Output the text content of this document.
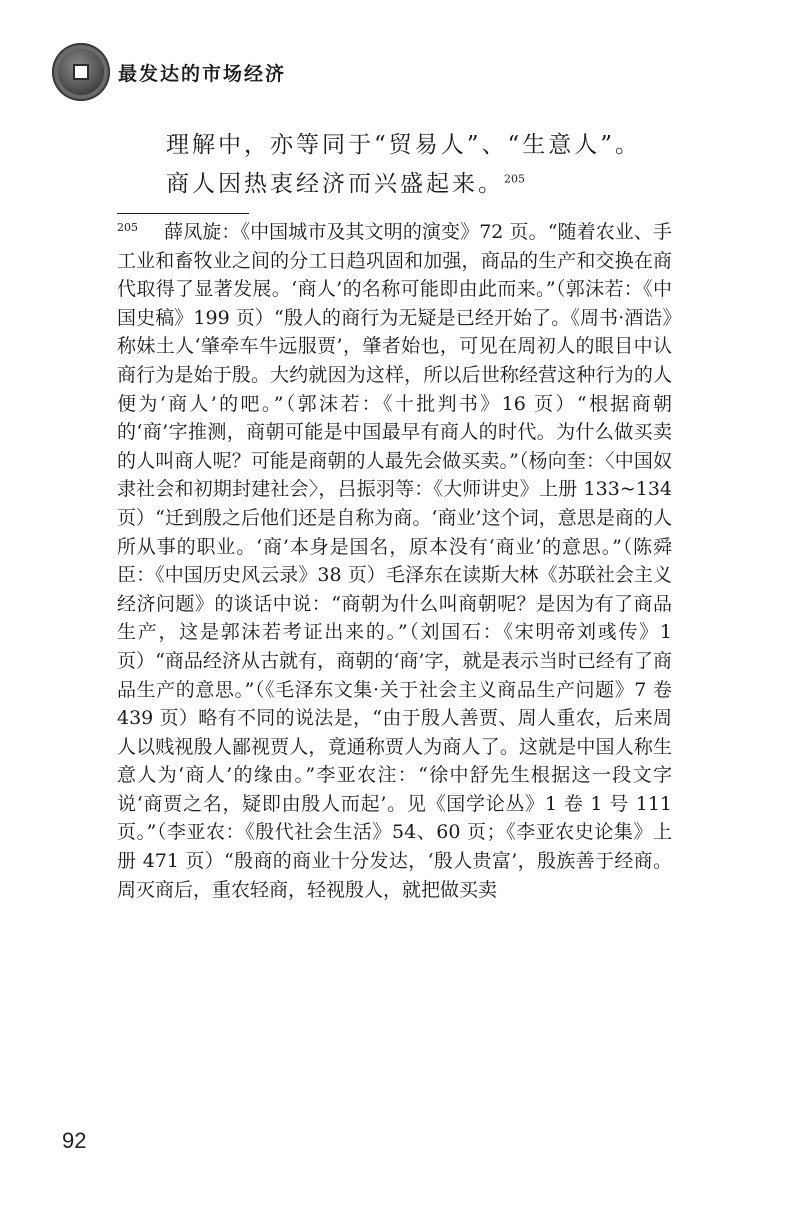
最发达的市场经济

理解中，亦等同于“贸易人”、“生意人”。

商人因热衷经济而兴盛起来。$^{205}$

$^{205}$ 薛凤旋：《中国城市及其文明的演变》72 页。“随着农业、手工业和畜牧业之间的分工日趋巩固和加强，商品的生产和交换在商代取得了显著发展。‘商人’的名称可能即由此而来。”（郭沫若：《中国史稿》199 页）“殷人的商行为无疑是已经开始了。《周书·酒诰》称妹土人‘肇牵车牛远服贾’，肇者始也，可见在周初人的眼目中认商行为是始于殷。大约就因为这样，所以后世称经营这种行为的人便为‘商人’的吧。”（郭沫若：《十批判书》16 页）“根据商朝的‘商’字推测，商朝可能是中国最早有商人的时代。为什么做买卖的人叫商人呢？可能是商朝的人最先会做买卖。”（杨向奎：〈中国奴隶社会和初期封建社会〉，吕振羽等：《大师讲史》上册 133~134 页）“迁到殷之后他们还是自称为商。‘商业’这个词，意思是商的人所从事的职业。‘商’本身是国名，原本没有‘商业’的意思。”（陈舜臣：《中国历史风云录》38 页）毛泽东在读斯大林《苏联社会主义经济问题》的谈话中说：“商朝为什么叫商朝呢？是因为有了商品生产，这是郭沫若考证出来的。”（刘国石：《宋明帝刘彧传》1 页）“商品经济从古就有，商朝的‘商’字，就是表示当时已经有了商品生产的意思。”（《毛泽东文集·关于社会主义商品生产问题》7 卷 439 页）略有不同的说法是，“由于殷人善贾、周人重农，后来周人以贱视殷人鄙视贾人，竟通称贾人为商人了。这就是中国人称生意人为‘商人’的缘由。”李亚农注：“徐中舒先生根据这一段文字说‘商贾之名，疑即由殷人而起’。见《国学论丛》1 卷 1 号 111 页。”（李亚农：《殷代社会生活》54、60 页；《李亚农史论集》上册 471 页）“殷商的商业十分发达，‘殷人贵富’，殷族善于经商。周灭商后，重农轻商，轻视殷人，就把做买卖
92
